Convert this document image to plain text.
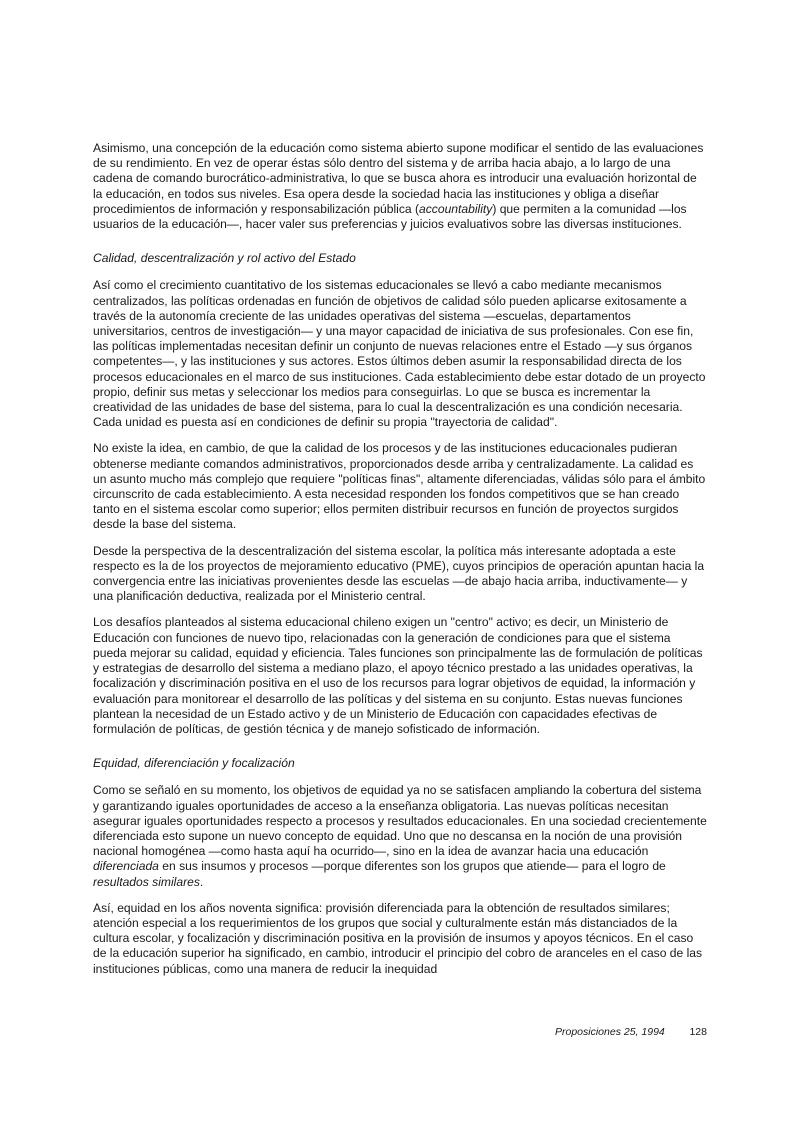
Asimismo, una concepción de la educación como sistema abierto supone modificar el sentido de las evaluaciones de su rendimiento. En vez de operar éstas sólo dentro del sistema y de arriba hacia abajo, a lo largo de una cadena de comando burocrático-administrativa, lo que se busca ahora es introducir una evaluación horizontal de la educación, en todos sus niveles. Esa opera desde la sociedad hacia las instituciones y obliga a diseñar procedimientos de información y responsabilización pública (accountability) que permiten a la comunidad —los usuarios de la educación—, hacer valer sus preferencias y juicios evaluativos sobre las diversas instituciones.

Calidad, descentralización y rol activo del Estado

Así como el crecimiento cuantitativo de los sistemas educacionales se llevó a cabo mediante mecanismos centralizados, las políticas ordenadas en función de objetivos de calidad sólo pueden aplicarse exitosamente a través de la autonomía creciente de las unidades operativas del sistema —escuelas, departamentos universitarios, centros de investigación— y una mayor capacidad de iniciativa de sus profesionales. Con ese fin, las políticas implementadas necesitan definir un conjunto de nuevas relaciones entre el Estado —y sus órganos competentes—, y las instituciones y sus actores. Estos últimos deben asumir la responsabilidad directa de los procesos educacionales en el marco de sus instituciones. Cada establecimiento debe estar dotado de un proyecto propio, definir sus metas y seleccionar los medios para conseguirlas. Lo que se busca es incrementar la creatividad de las unidades de base del sistema, para lo cual la descentralización es una condición necesaria. Cada unidad es puesta así en condiciones de definir su propia "trayectoria de calidad".

No existe la idea, en cambio, de que la calidad de los procesos y de las instituciones educacionales pudieran obtenerse mediante comandos administrativos, proporcionados desde arriba y centralizadamente. La calidad es un asunto mucho más complejo que requiere "políticas finas", altamente diferenciadas, válidas sólo para el ámbito circunscrito de cada establecimiento. A esta necesidad responden los fondos competitivos que se han creado tanto en el sistema escolar como superior; ellos permiten distribuir recursos en función de proyectos surgidos desde la base del sistema.

Desde la perspectiva de la descentralización del sistema escolar, la política más interesante adoptada a este respecto es la de los proyectos de mejoramiento educativo (PME), cuyos principios de operación apuntan hacia la convergencia entre las iniciativas provenientes desde las escuelas —de abajo hacia arriba, inductivamente— y una planificación deductiva, realizada por el Ministerio central.

Los desafíos planteados al sistema educacional chileno exigen un "centro" activo; es decir, un Ministerio de Educación con funciones de nuevo tipo, relacionadas con la generación de condiciones para que el sistema pueda mejorar su calidad, equidad y eficiencia. Tales funciones son principalmente las de formulación de políticas y estrategias de desarrollo del sistema a mediano plazo, el apoyo técnico prestado a las unidades operativas, la focalización y discriminación positiva en el uso de los recursos para lograr objetivos de equidad, la información y evaluación para monitorear el desarrollo de las políticas y del sistema en su conjunto. Estas nuevas funciones plantean la necesidad de un Estado activo y de un Ministerio de Educación con capacidades efectivas de formulación de políticas, de gestión técnica y de manejo sofisticado de información.

Equidad, diferenciación y focalización

Como se señaló en su momento, los objetivos de equidad ya no se satisfacen ampliando la cobertura del sistema y garantizando iguales oportunidades de acceso a la enseñanza obligatoria. Las nuevas políticas necesitan asegurar iguales oportunidades respecto a procesos y resultados educacionales. En una sociedad crecientemente diferenciada esto supone un nuevo concepto de equidad. Uno que no descansa en la noción de una provisión nacional homogénea —como hasta aquí ha ocurrido—, sino en la idea de avanzar hacia una educación diferenciada en sus insumos y procesos —porque diferentes son los grupos que atiende— para el logro de resultados similares.

Así, equidad en los años noventa significa: provisión diferenciada para la obtención de resultados similares; atención especial a los requerimientos de los grupos que social y culturalmente están más distanciados de la cultura escolar, y focalización y discriminación positiva en la provisión de insumos y apoyos técnicos. En el caso de la educación superior ha significado, en cambio, introducir el principio del cobro de aranceles en el caso de las instituciones públicas, como una manera de reducir la inequidad

Proposiciones 25, 1994 128
